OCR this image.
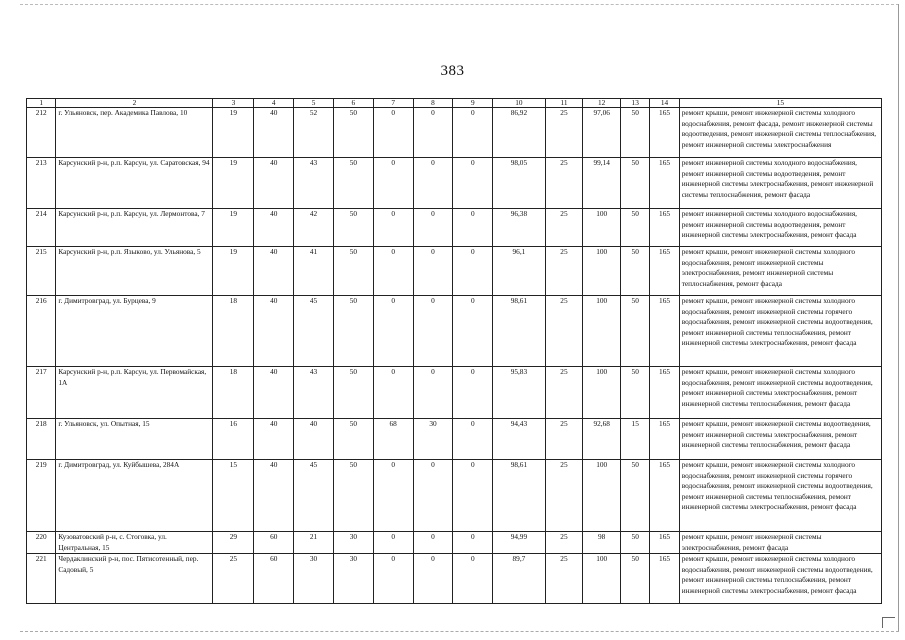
383
1	2	3	4	5	6	7	8	9	10	11	12	13	14	15
212	г. Ульяновск, пер. Академика Павлова, 10	19	40	52	50	0	0	0	86,92	25	97,06	50	165	ремонт крыши, ремонт инженерной системы холодного водоснабжения, ремонт фасада, ремонт инженерной системы водоотведения, ремонт инженерной системы теплоснабжения, ремонт инженерной системы электроснабжения
213	Карсунский р-н, р.п. Карсун, ул. Саратовская, 94	19	40	43	50	0	0	0	98,05	25	99,14	50	165	ремонт инженерной системы холодного водоснабжения, ремонт инженерной системы водоотведения, ремонт инженерной системы электроснабжения, ремонт инженерной системы теплоснабжения, ремонт фасада
214	Карсунский р-н, р.п. Карсун, ул. Лермонтова, 7	19	40	42	50	0	0	0	96,38	25	100	50	165	ремонт инженерной системы холодного водоснабжения, ремонт инженерной системы водоотведения, ремонт инженерной системы электроснабжения, ремонт фасада
215	Карсунский р-н, р.п. Языково, ул. Ульянова, 5	19	40	41	50	0	0	0	96,1	25	100	50	165	ремонт крыши, ремонт инженерной системы холодного водоснабжения, ремонт инженерной системы электроснабжения, ремонт инженерной системы теплоснабжения, ремонт фасада
216	г. Димитровград, ул. Бурцева, 9	18	40	45	50	0	0	0	98,61	25	100	50	165	ремонт крыши, ремонт инженерной системы холодного водоснабжения, ремонт инженерной системы горячего водоснабжения, ремонт инженерной системы водоотведения, ремонт инженерной системы теплоснабжения, ремонт инженерной системы электроснабжения, ремонт фасада
217	Карсунский р-н, р.п. Карсун, ул. Первомайская, 1А	18	40	43	50	0	0	0	95,83	25	100	50	165	ремонт крыши, ремонт инженерной системы холодного водоснабжения, ремонт инженерной системы водоотведения, ремонт инженерной системы электроснабжения, ремонт инженерной системы теплоснабжения, ремонт фасада
218	г. Ульяновск, ул. Опытная, 15	16	40	40	50	68	30	0	94,43	25	92,68	15	165	ремонт крыши, ремонт инженерной системы водоотведения, ремонт инженерной системы электроснабжения, ремонт инженерной системы теплоснабжения, ремонт фасада
219	г. Димитровград, ул. Куйбышева, 284А	15	40	45	50	0	0	0	98,61	25	100	50	165	ремонт крыши, ремонт инженерной системы холодного водоснабжения, ремонт инженерной системы горячего водоснабжения, ремонт инженерной системы водоотведения, ремонт инженерной системы теплоснабжения, ремонт инженерной системы электроснабжения, ремонт фасада
220	Кузоватовский р-н, с. Стоговка, ул. Центральная, 15	29	60	21	30	0	0	0	94,99	25	98	50	165	ремонт крыши, ремонт инженерной системы электроснабжения, ремонт фасада
221	Чердаклинский р-н, пос. Пятисотенный, пер. Садовый, 5	25	60	30	30	0	0	0	89,7	25	100	50	165	ремонт крыши, ремонт инженерной системы холодного водоснабжения, ремонт инженерной системы водоотведения, ремонт инженерной системы теплоснабжения, ремонт инженерной системы электроснабжения, ремонт фасада
